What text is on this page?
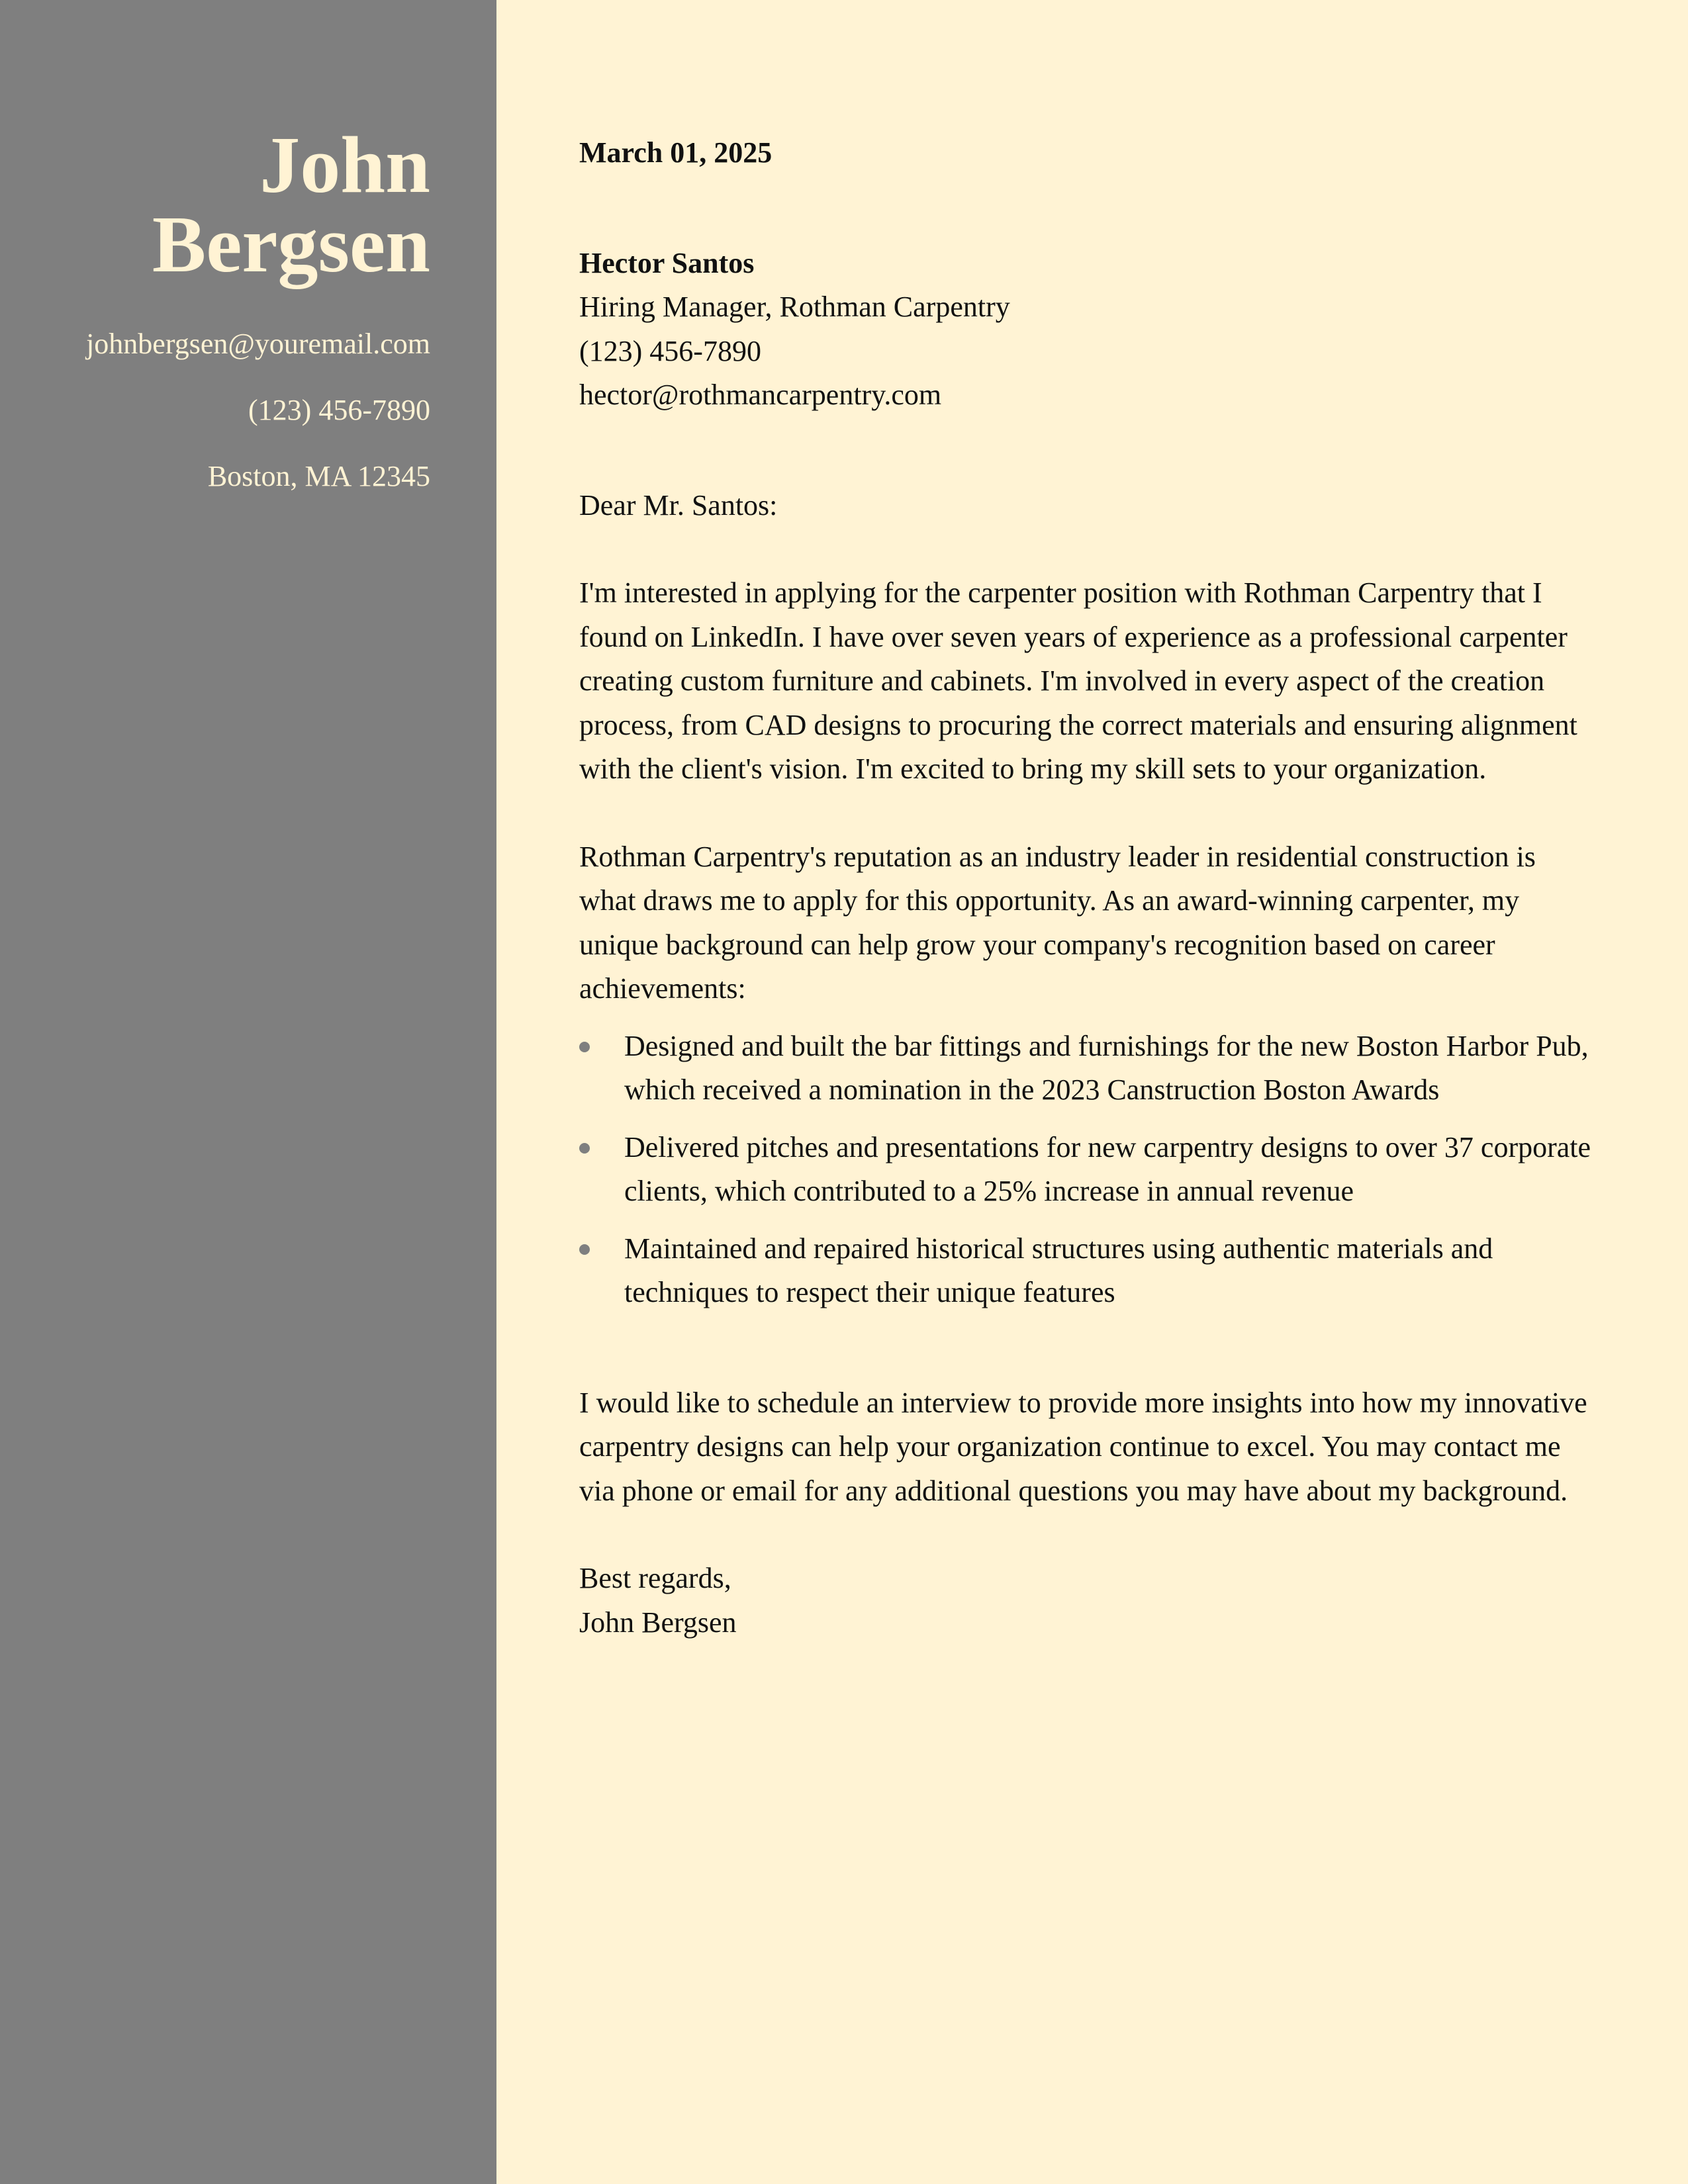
John
Bergsen
johnbergsen@youremail.com
(123) 456-7890
Boston, MA 12345
March 01, 2025
Hector Santos
Hiring Manager, Rothman Carpentry
(123) 456-7890
hector@rothmancarpentry.com
Dear Mr. Santos:

I'm interested in applying for the carpenter position with Rothman Carpentry that I found on LinkedIn. I have over seven years of experience as a professional carpenter creating custom furniture and cabinets. I'm involved in every aspect of the creation process, from CAD designs to procuring the correct materials and ensuring alignment with the client's vision. I'm excited to bring my skill sets to your organization.

Rothman Carpentry's reputation as an industry leader in residential construction is what draws me to apply for this opportunity. As an award-winning carpenter, my unique background can help grow your company's recognition based on career achievements:

Designed and built the bar fittings and furnishings for the new Boston Harbor Pub, which received a nomination in the 2023 Canstruction Boston Awards
Delivered pitches and presentations for new carpentry designs to over 37 corporate clients, which contributed to a 25% increase in annual revenue
Maintained and repaired historical structures using authentic materials and techniques to respect their unique features

I would like to schedule an interview to provide more insights into how my innovative carpentry designs can help your organization continue to excel. You may contact me via phone or email for any additional questions you may have about my background.

Best regards,
John Bergsen
